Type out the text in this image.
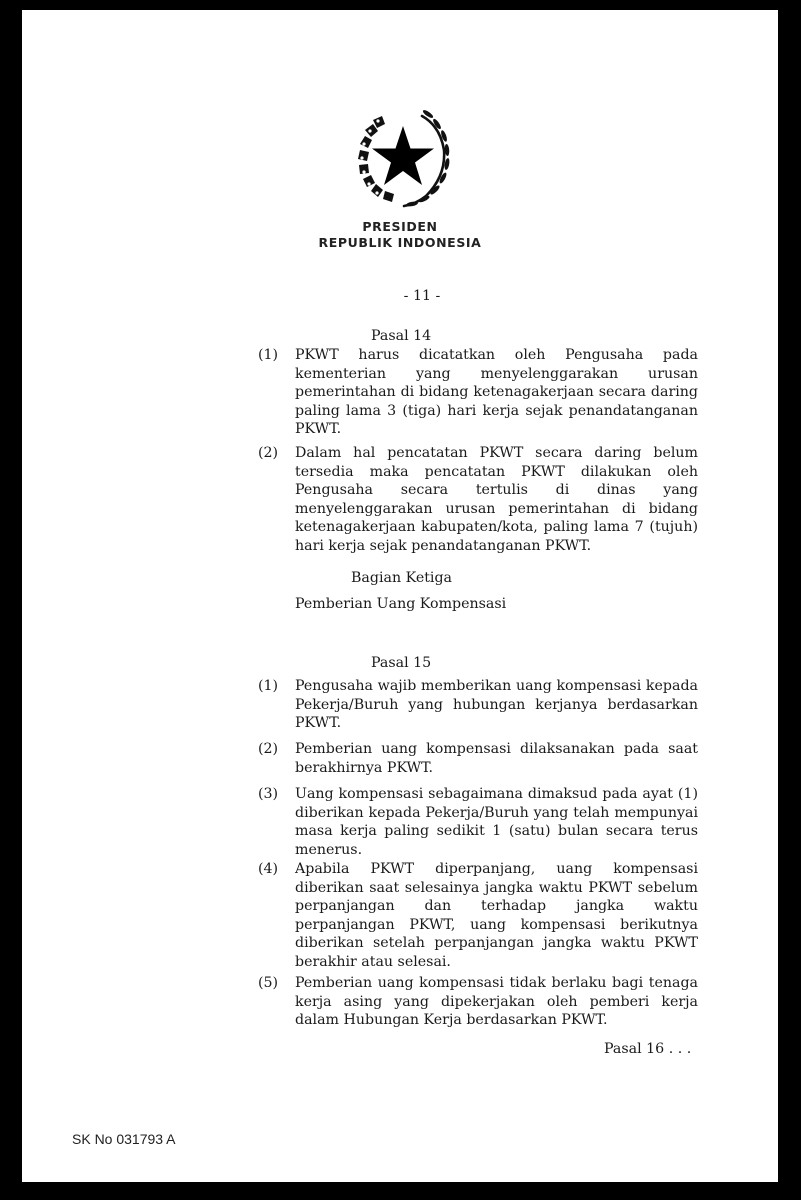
PRESIDEN
REPUBLIK INDONESIA
- 11 -
Pasal 14
(1)	PKWT harus dicatatkan oleh Pengusaha pada kementerian yang menyelenggarakan urusan pemerintahan di bidang ketenagakerjaan secara daring paling lama 3 (tiga) hari kerja sejak penandatanganan PKWT.
(2)	Dalam hal pencatatan PKWT secara daring belum tersedia maka pencatatan PKWT dilakukan oleh Pengusaha secara tertulis di dinas yang menyelenggarakan urusan pemerintahan di bidang ketenagakerjaan kabupaten/kota, paling lama 7 (tujuh) hari kerja sejak penandatanganan PKWT.
Bagian Ketiga
Pemberian Uang Kompensasi
Pasal 15
(1)	Pengusaha wajib memberikan uang kompensasi kepada Pekerja/Buruh yang hubungan kerjanya berdasarkan PKWT.
(2)	Pemberian uang kompensasi dilaksanakan pada saat berakhirnya PKWT.
(3)	Uang kompensasi sebagaimana dimaksud pada ayat (1) diberikan kepada Pekerja/Buruh yang telah mempunyai masa kerja paling sedikit 1 (satu) bulan secara terus menerus.
(4)	Apabila PKWT diperpanjang, uang kompensasi diberikan saat selesainya jangka waktu PKWT sebelum perpanjangan dan terhadap jangka waktu perpanjangan PKWT, uang kompensasi berikutnya diberikan setelah perpanjangan jangka waktu PKWT berakhir atau selesai.
(5)	Pemberian uang kompensasi tidak berlaku bagi tenaga kerja asing yang dipekerjakan oleh pemberi kerja dalam Hubungan Kerja berdasarkan PKWT.
Pasal 16 . . .
SK No 031793 A
